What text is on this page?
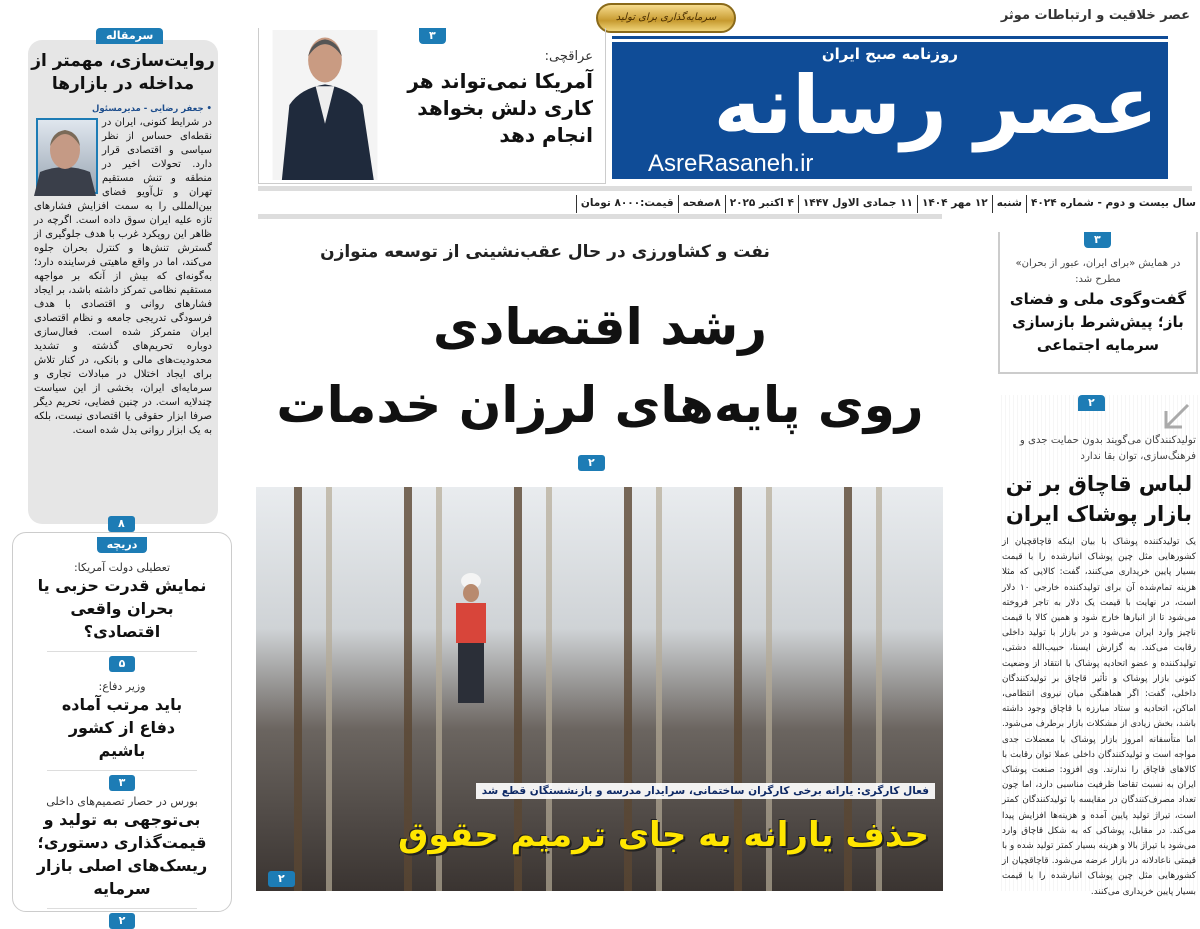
عصر خلاقیت و ارتباطات موثر
سرمایه‌گذاری برای تولید
روزنامه صبح ایران
عصر رسانه
AsreRasaneh.ir
سال بیست و دوم - شماره ۴۰۲۴
شنبه
۱۲ مهر ۱۴۰۴
۱۱ جمادی الاول ۱۴۴۷
۴ اکتبر ۲۰۲۵
۸صفحه
قیمت:۸۰۰۰ تومان
۳
عراقچی:
آمریکا نمی‌تواند هر کاری دلش بخواهد انجام دهد
سرمقاله
روایت‌سازی، مهمتر از مداخله در بازارها
• جعفر رضایی - مدیرمسئول
در شرایط کنونی، ایران در نقطه‌ای حساس از نظر سیاسی و اقتصادی قرار دارد. تحولات اخیر در منطقه و تنش مستقیم تهران و تل‌آویو فضای بین‌المللی را به سمت افزایش فشارهای تازه علیه ایران سوق داده است. اگرچه در ظاهر این رویکرد غرب با هدف جلوگیری از گسترش تنش‌ها و کنترل بحران جلوه می‌کند، اما در واقع ماهیتی فرساینده دارد؛ به‌گونه‌ای که بیش از آنکه بر مواجهه مستقیم نظامی تمرکز داشته باشد، بر ایجاد فشارهای روانی و اقتصادی با هدف فرسودگی تدریجی جامعه و نظام اقتصادی ایران متمرکز شده است. فعال‌سازی دوباره تحریم‌های گذشته و تشدید محدودیت‌های مالی و بانکی، در کنار تلاش برای ایجاد اختلال در مبادلات تجاری و سرمایه‌ای ایران، بخشی از این سیاست چندلایه است. در چنین فضایی، تحریم دیگر صرفا ابزار حقوقی یا اقتصادی نیست، بلکه به یک ابزار روانی بدل شده است.
۸
دریچه
تعطیلی دولت آمریکا:
نمایش قدرت حزبی یا بحران واقعی اقتصادی؟
۵
وزیر دفاع:
باید مرتب آماده دفاع از کشور باشیم
۳
بورس در حصار تصمیم‌های داخلی
بی‌توجهی به تولید و قیمت‌گذاری دستوری؛ ریسک‌های اصلی بازار سرمایه
۲
نفت و کشاورزی در حال عقب‌نشینی از توسعه متوازن
رشد اقتصادی
روی پایه‌های لرزان خدمات
۲
فعال کارگری: یارانه برخی کارگران ساختمانی، سرایدار مدرسه و بازنشستگان قطع شد
حذف یارانه به جای ترمیم حقوق
۲
۳
در همایش «برای ایران، عبور از بحران» مطرح شد:
گفت‌وگوی ملی و فضای باز؛ پیش‌شرط بازسازی سرمایه اجتماعی
۲
تولیدکنندگان می‌گویند بدون حمایت جدی و فرهنگ‌سازی، توان بقا ندارد
لباس قاچاق بر تن بازار پوشاک ایران
یک تولیدکننده پوشاک با بیان اینکه قاچاقچیان از کشورهایی مثل چین پوشاک انبارشده را با قیمت بسیار پایین خریداری می‌کنند، گفت: کالایی که مثلا هزینه تمام‌شده آن برای تولیدکننده خارجی ۱۰ دلار است، در نهایت با قیمت یک دلار به تاجر فروخته می‌شود تا از انبارها خارج شود و همین کالا با قیمت ناچیز وارد ایران می‌شود و در بازار با تولید داخلی رقابت می‌کند. به گزارش ایسنا، حبیب‌الله دشتی، تولیدکننده و عضو اتحادیه پوشاک با انتقاد از وضعیت کنونی بازار پوشاک و تأثیر قاچاق بر تولیدکنندگان داخلی، گفت: اگر هماهنگی میان نیروی انتظامی، اماکن، اتحادیه و ستاد مبارزه با قاچاق وجود داشته باشد، بخش زیادی از مشکلات بازار برطرف می‌شود. اما متأسفانه امروز بازار پوشاک با معضلات جدی مواجه است و تولیدکنندگان داخلی عملا توان رقابت با کالاهای قاچاق را ندارند. وی افزود: صنعت پوشاک ایران به نسبت تقاضا ظرفیت مناسبی دارد، اما چون تعداد مصرف‌کنندگان در مقایسه با تولیدکنندگان کمتر است، تیراژ تولید پایین آمده و هزینه‌ها افزایش پیدا می‌کند. در مقابل، پوشاکی که به شکل قاچاق وارد می‌شود با تیراژ بالا و هزینه بسیار کمتر تولید شده و با قیمتی ناعادلانه در بازار عرضه می‌شود. قاچاقچیان از کشورهایی مثل چین پوشاک انبارشده را با قیمت بسیار پایین خریداری می‌کنند.
